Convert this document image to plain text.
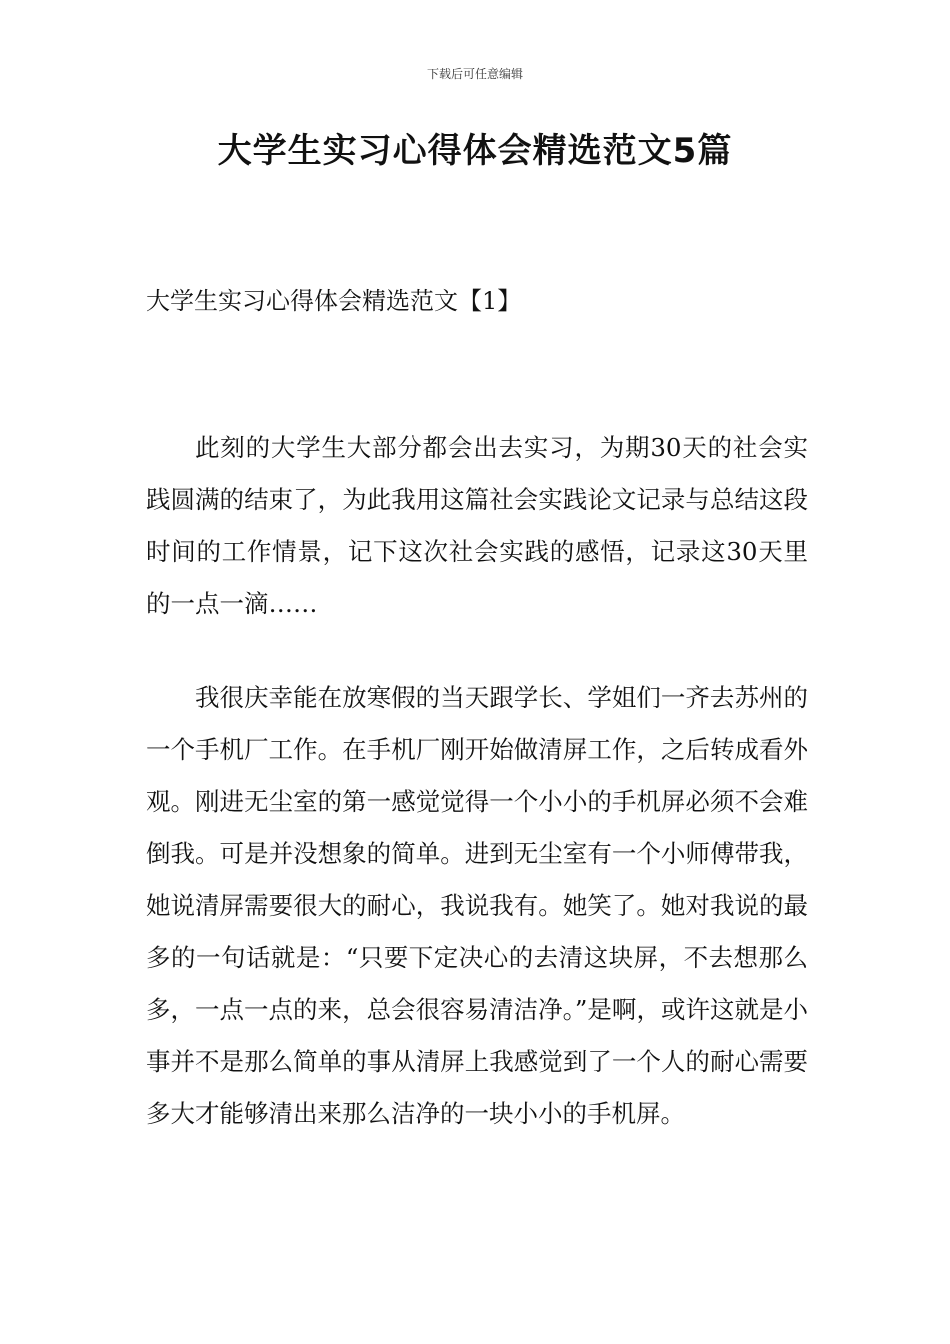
下载后可任意编辑
大学生实习心得体会精选范文5篇
大学生实习心得体会精选范文【1】

此刻的大学生大部分都会出去实习，为期30天的社会实践圆满的结束了，为此我用这篇社会实践论文记录与总结这段时间的工作情景，记下这次社会实践的感悟，记录这30天里的一点一滴……

我很庆幸能在放寒假的当天跟学长、学姐们一齐去苏州的一个手机厂工作。在手机厂刚开始做清屏工作，之后转成看外观。刚进无尘室的第一感觉觉得一个小小的手机屏必须不会难倒我。可是并没想象的简单。进到无尘室有一个小师傅带我，她说清屏需要很大的耐心，我说我有。她笑了。她对我说的最多的一句话就是：“只要下定决心的去清这块屏，不去想那么多，一点一点的来，总会很容易清洁净。”是啊，或许这就是小事并不是那么简单的事从清屏上我感觉到了一个人的耐心需要多大才能够清出来那么洁净的一块小小的手机屏。
